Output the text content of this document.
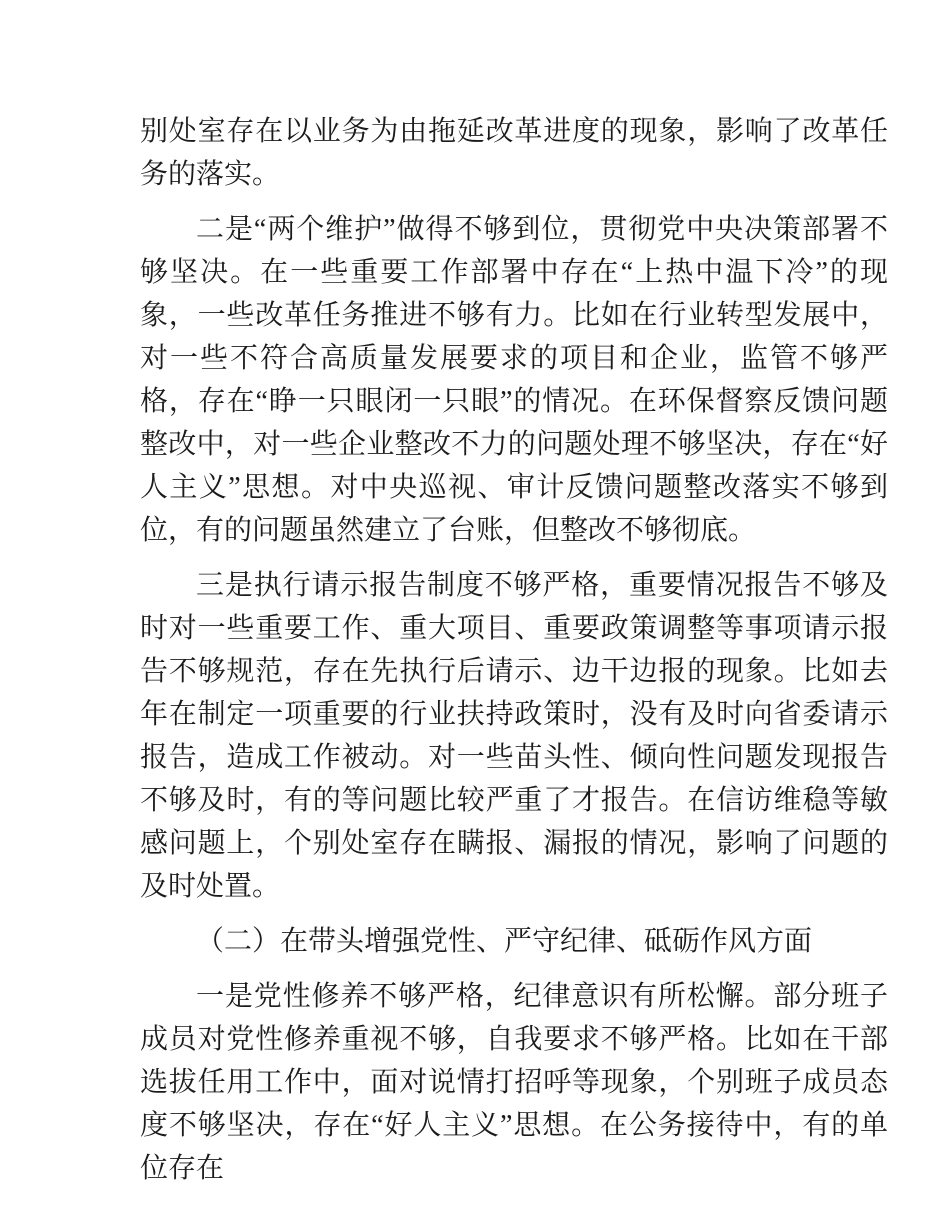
别处室存在以业务为由拖延改革进度的现象，影响了改革任务的落实。

二是“两个维护”做得不够到位，贯彻党中央决策部署不够坚决。在一些重要工作部署中存在“上热中温下冷”的现象，一些改革任务推进不够有力。比如在行业转型发展中，对一些不符合高质量发展要求的项目和企业，监管不够严格，存在“睁一只眼闭一只眼”的情况。在环保督察反馈问题整改中，对一些企业整改不力的问题处理不够坚决，存在“好人主义”思想。对中央巡视、审计反馈问题整改落实不够到位，有的问题虽然建立了台账，但整改不够彻底。

三是执行请示报告制度不够严格，重要情况报告不够及时对一些重要工作、重大项目、重要政策调整等事项请示报告不够规范，存在先执行后请示、边干边报的现象。比如去年在制定一项重要的行业扶持政策时，没有及时向省委请示报告，造成工作被动。对一些苗头性、倾向性问题发现报告不够及时，有的等问题比较严重了才报告。在信访维稳等敏感问题上，个别处室存在瞒报、漏报的情况，影响了问题的及时处置。

（二）在带头增强党性、严守纪律、砥砺作风方面

一是党性修养不够严格，纪律意识有所松懈。部分班子成员对党性修养重视不够，自我要求不够严格。比如在干部选拔任用工作中，面对说情打招呼等现象，个别班子成员态度不够坚决，存在“好人主义”思想。在公务接待中，有的单位存在
